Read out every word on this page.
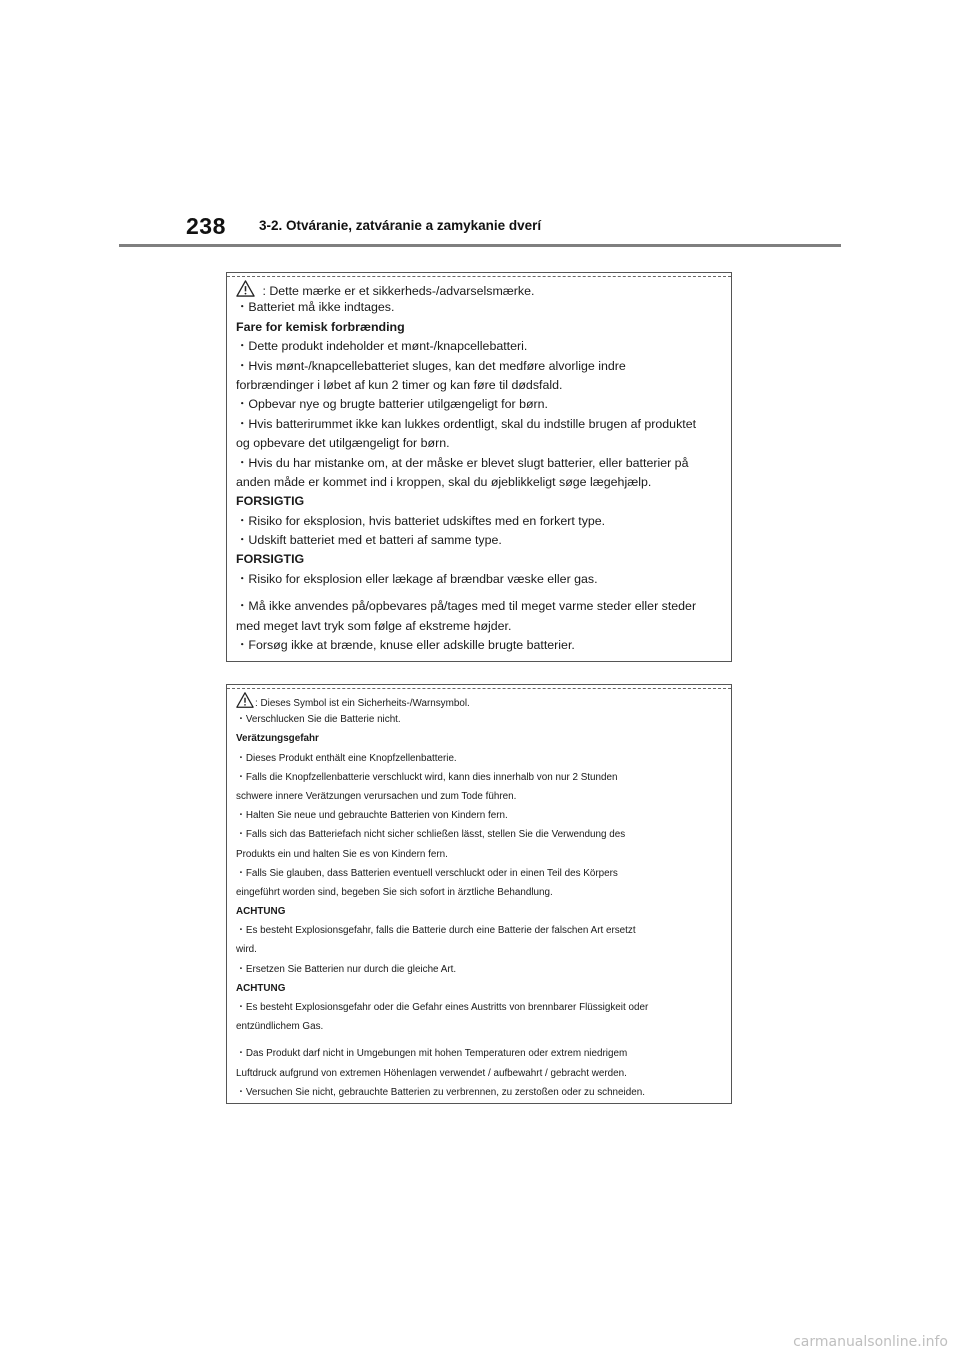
238 3-2. Otváranie, zatváranie a zamykanie dverí
: Dette mærke er et sikkerheds-/advarselsmærke.
・Batteriet må ikke indtages.
Fare for kemisk forbrænding
・Dette produkt indeholder et mønt-/knapcellebatteri.
・Hvis mønt-/knapcellebatteriet sluges, kan det medføre alvorlige indre
forbrændinger i løbet af kun 2 timer og kan føre til dødsfald.
・Opbevar nye og brugte batterier utilgængeligt for børn.
・Hvis batterirummet ikke kan lukkes ordentligt, skal du indstille brugen af produktet
og opbevare det utilgængeligt for børn.
・Hvis du har mistanke om, at der måske er blevet slugt batterier, eller batterier på
anden måde er kommet ind i kroppen, skal du øjeblikkeligt søge lægehjælp.
FORSIGTIG
・Risiko for eksplosion, hvis batteriet udskiftes med en forkert type.
・Udskift batteriet med et batteri af samme type.
FORSIGTIG
・Risiko for eksplosion eller lækage af brændbar væske eller gas.
・Må ikke anvendes på/opbevares på/tages med til meget varme steder eller steder
med meget lavt tryk som følge af ekstreme højder.
・Forsøg ikke at brænde, knuse eller adskille brugte batterier.
: Dieses Symbol ist ein Sicherheits-/Warnsymbol.
・Verschlucken Sie die Batterie nicht.
Verätzungsgefahr
・Dieses Produkt enthält eine Knopfzellenbatterie.
・Falls die Knopfzellenbatterie verschluckt wird, kann dies innerhalb von nur 2 Stunden
schwere innere Verätzungen verursachen und zum Tode führen.
・Halten Sie neue und gebrauchte Batterien von Kindern fern.
・Falls sich das Batteriefach nicht sicher schließen lässt, stellen Sie die Verwendung des
Produkts ein und halten Sie es von Kindern fern.
・Falls Sie glauben, dass Batterien eventuell verschluckt oder in einen Teil des Körpers
eingeführt worden sind, begeben Sie sich sofort in ärztliche Behandlung.
ACHTUNG
・Es besteht Explosionsgefahr, falls die Batterie durch eine Batterie der falschen Art ersetzt
wird.
・Ersetzen Sie Batterien nur durch die gleiche Art.
ACHTUNG
・Es besteht Explosionsgefahr oder die Gefahr eines Austritts von brennbarer Flüssigkeit oder
entzündlichem Gas.
・Das Produkt darf nicht in Umgebungen mit hohen Temperaturen oder extrem niedrigem
Luftdruck aufgrund von extremen Höhenlagen verwendet / aufbewahrt / gebracht werden.
・Versuchen Sie nicht, gebrauchte Batterien zu verbrennen, zu zerstoßen oder zu schneiden.
carmanualsonline.info
